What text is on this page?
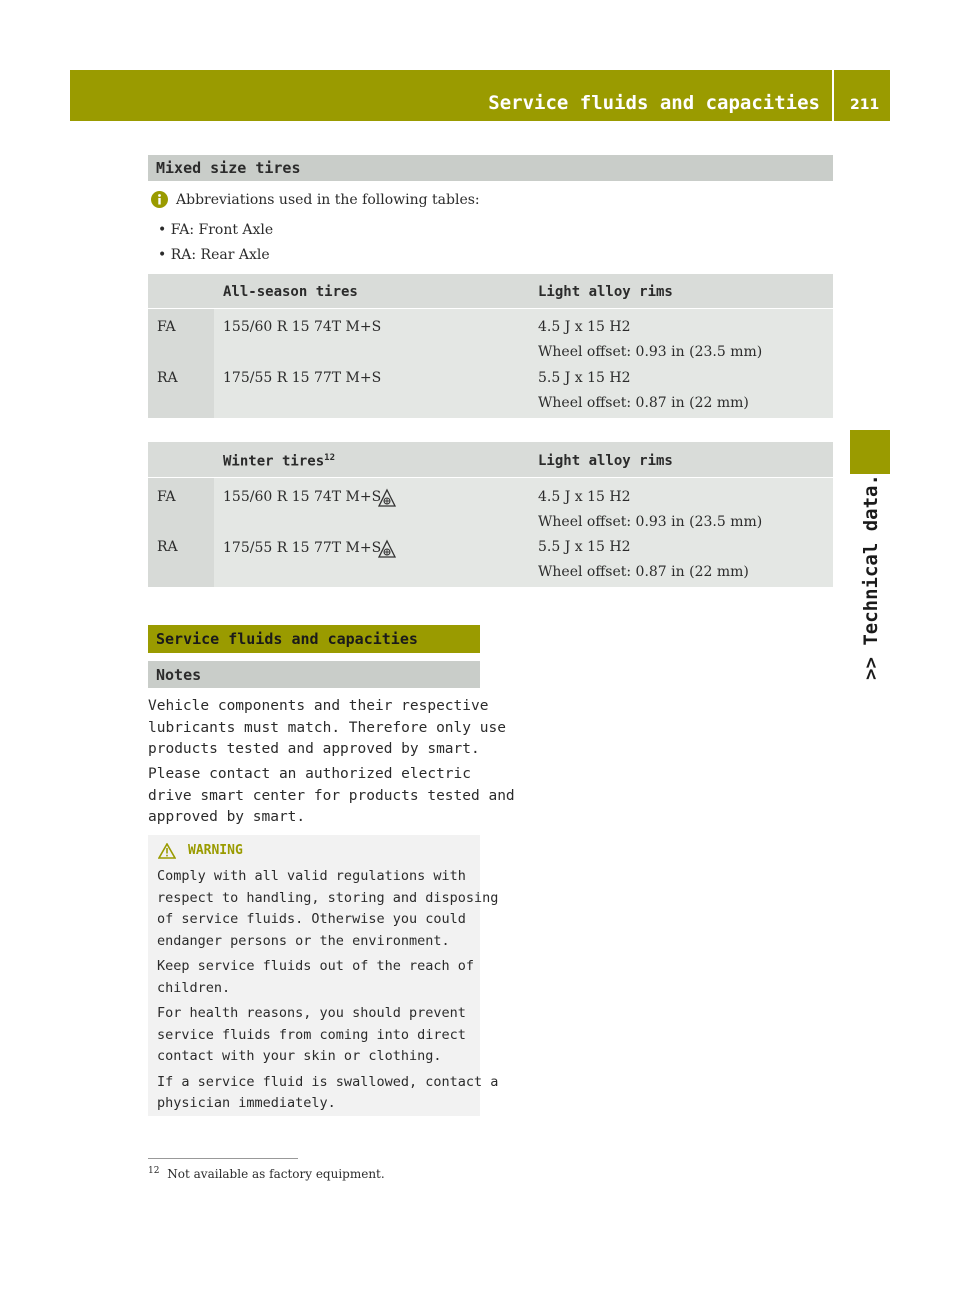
Service fluids and capacities 211
>> Technical data.
Mixed size tires
Abbreviations used in the following tables:
• FA: Front Axle
• RA: Rear Axle
All-season tires	Light alloy rims
FA	155/60 R 15 74T M+S	4.5 J x 15 H2
Wheel offset: 0.93 in (23.5 mm)
RA	175/55 R 15 77T M+S	5.5 J x 15 H2
Wheel offset: 0.87 in (22 mm)
Winter tires$^{12}$	Light alloy rims
FA	155/60 R 15 74T M+S	4.5 J x 15 H2
Wheel offset: 0.93 in (23.5 mm)
RA	175/55 R 15 77T M+S	5.5 J x 15 H2
Wheel offset: 0.87 in (22 mm)
Service fluids and capacities
Notes
Vehicle components and their respective
lubricants must match. Therefore only use
products tested and approved by smart.
Please contact an authorized electric
drive smart center for products tested and
approved by smart.
WARNING
Comply with all valid regulations with
respect to handling, storing and disposing
of service fluids. Otherwise you could
endanger persons or the environment.
Keep service fluids out of the reach of
children.
For health reasons, you should prevent
service fluids from coming into direct
contact with your skin or clothing.
If a service fluid is swallowed, contact a
physician immediately.
$^{12}$ Not available as factory equipment.
